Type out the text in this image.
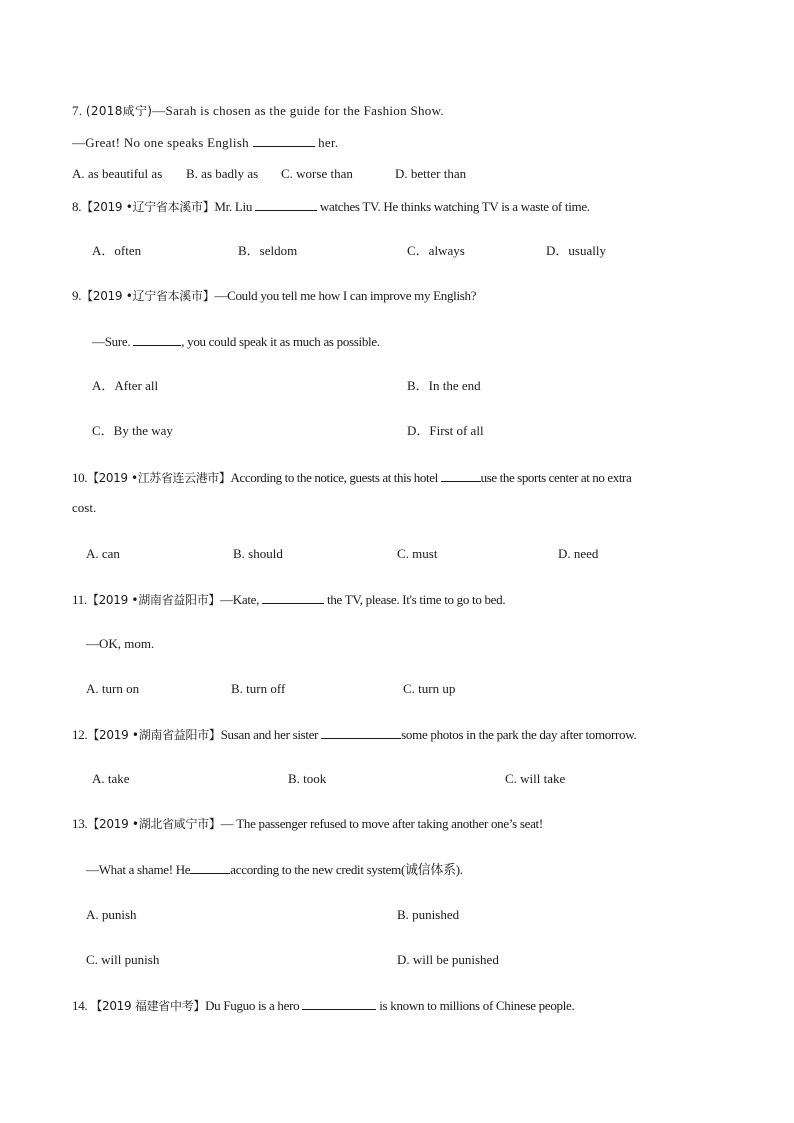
7. (2018咸宁)—Sarah is chosen as the guide for the Fashion Show.
—Great! No one speaks English	her.
A. as beautiful as B. as badly as C. worse than	D. better than
8.【2019 •辽宁省本溪市】Mr. Liu	watches TV. He thinks watching TV is a waste of time.
A．often	B．seldom	C．always	D．usually
9.【2019 •辽宁省本溪市】—Could you tell me how I can improve my English?
—Sure.	, you could speak it as much as possible.
A．After all	B．In the end
C．By the way	D．First of all
10.【2019 •江苏省连云港市】According to the notice, guests at this hotel	use the sports center at no extra
cost.
A. can	B. should	C. must	D. need
11.【2019 •湖南省益阳市】—Kate,	the TV, please. It's time to go to bed.
—OK, mom.
A. turn on	B. turn off	C. turn up
12.【2019 •湖南省益阳市】Susan and her sister	some photos in the park the day after tomorrow.
A. take	B. took	C. will take
13.【2019 •湖北省咸宁市】— The passenger refused to move after taking another one’s seat!
—What a shame! He	according to the new credit system(诚信体系).
A. punish	B. punished
C. will punish	D. will be punished
14. 【2019 福建省中考】Du Fuguo is a hero	is known to millions of Chinese people.
